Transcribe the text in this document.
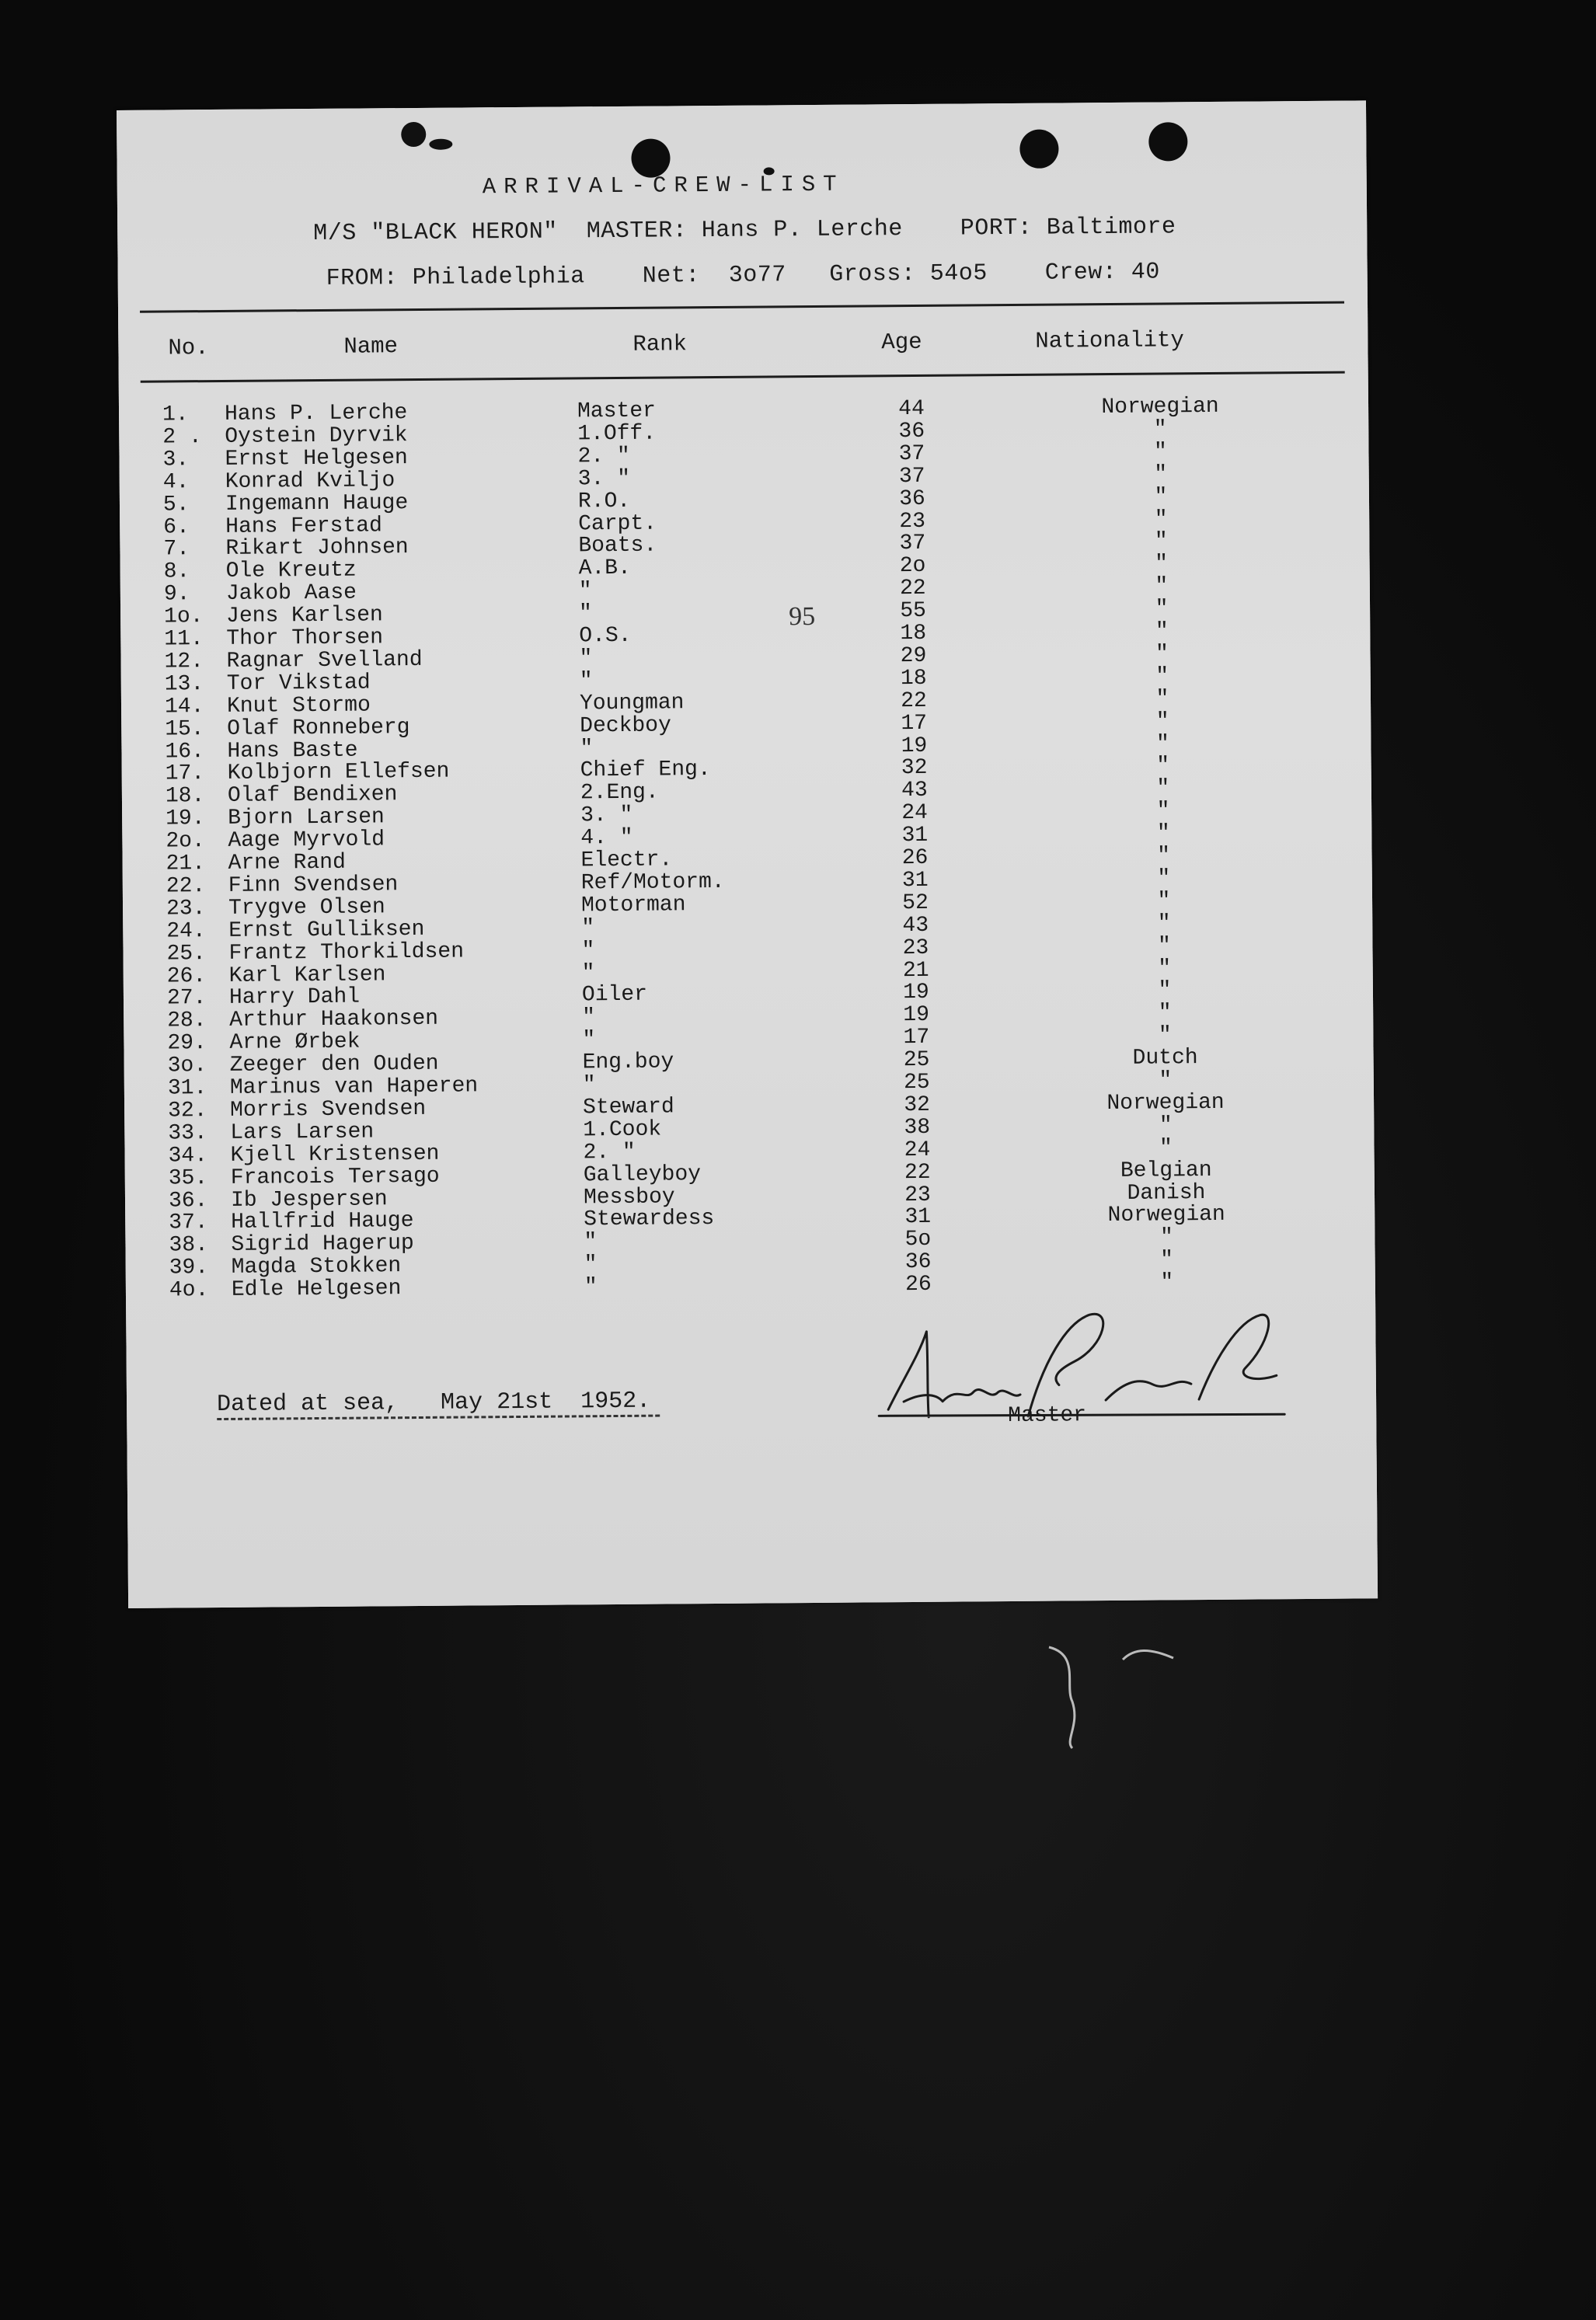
ARRIVAL-CREW-LIST
M/S "BLACK HERON"  MASTER: Hans P. Lerche    PORT: Baltimore
FROM: Philadelphia    Net:  3o77   Gross: 54o5    Crew: 40
No.	Name	Rank	Age	Nationality
1.	Hans P. Lerche	Master	44	Norwegian
2 .	Oystein Dyrvik	1.Off.	36	"
3.	Ernst Helgesen	2. "	37	"
4.	Konrad Kviljo	3. "	37	"
5.	Ingemann Hauge	R.O.	36	"
6.	Hans Ferstad	Carpt.	23	"
7.	Rikart Johnsen	Boats.	37	"
8.	Ole Kreutz	A.B.	2o	"
9.	Jakob Aase	"	22	"
1o.	Jens Karlsen	"	55	"
11.	Thor Thorsen	O.S.	18	"
12.	Ragnar Svelland	"	29	"
13.	Tor Vikstad	"	18	"
14.	Knut Stormo	Youngman	22	"
15.	Olaf Ronneberg	Deckboy	17	"
16.	Hans Baste	"	19	"
17.	Kolbjorn Ellefsen	Chief Eng.	32	"
18.	Olaf Bendixen	2.Eng.	43	"
19.	Bjorn Larsen	3. "	24	"
2o.	Aage Myrvold	4. "	31	"
21.	Arne Rand	Electr.	26	"
22.	Finn Svendsen	Ref/Motorm.	31	"
23.	Trygve Olsen	Motorman	52	"
24.	Ernst Gulliksen	"	43	"
25.	Frantz Thorkildsen	"	23	"
26.	Karl Karlsen	"	21	"
27.	Harry Dahl	Oiler	19	"
28.	Arthur Haakonsen	"	19	"
29.	Arne Ørbek	"	17	"
3o.	Zeeger den Ouden	Eng.boy	25	Dutch
31.	Marinus van Haperen	"	25	"
32.	Morris Svendsen	Steward	32	Norwegian
33.	Lars Larsen	1.Cook	38	"
34.	Kjell Kristensen	2. "	24	"
35.	Francois Tersago	Galleyboy	22	Belgian
36.	Ib Jespersen	Messboy	23	Danish
37.	Hallfrid Hauge	Stewardess	31	Norwegian
38.	Sigrid Hagerup	"	5o	"
39.	Magda Stokken	"	36	"
4o.	Edle Helgesen	"	26	"
95
Dated at sea,   May 21st  1952.	Master
